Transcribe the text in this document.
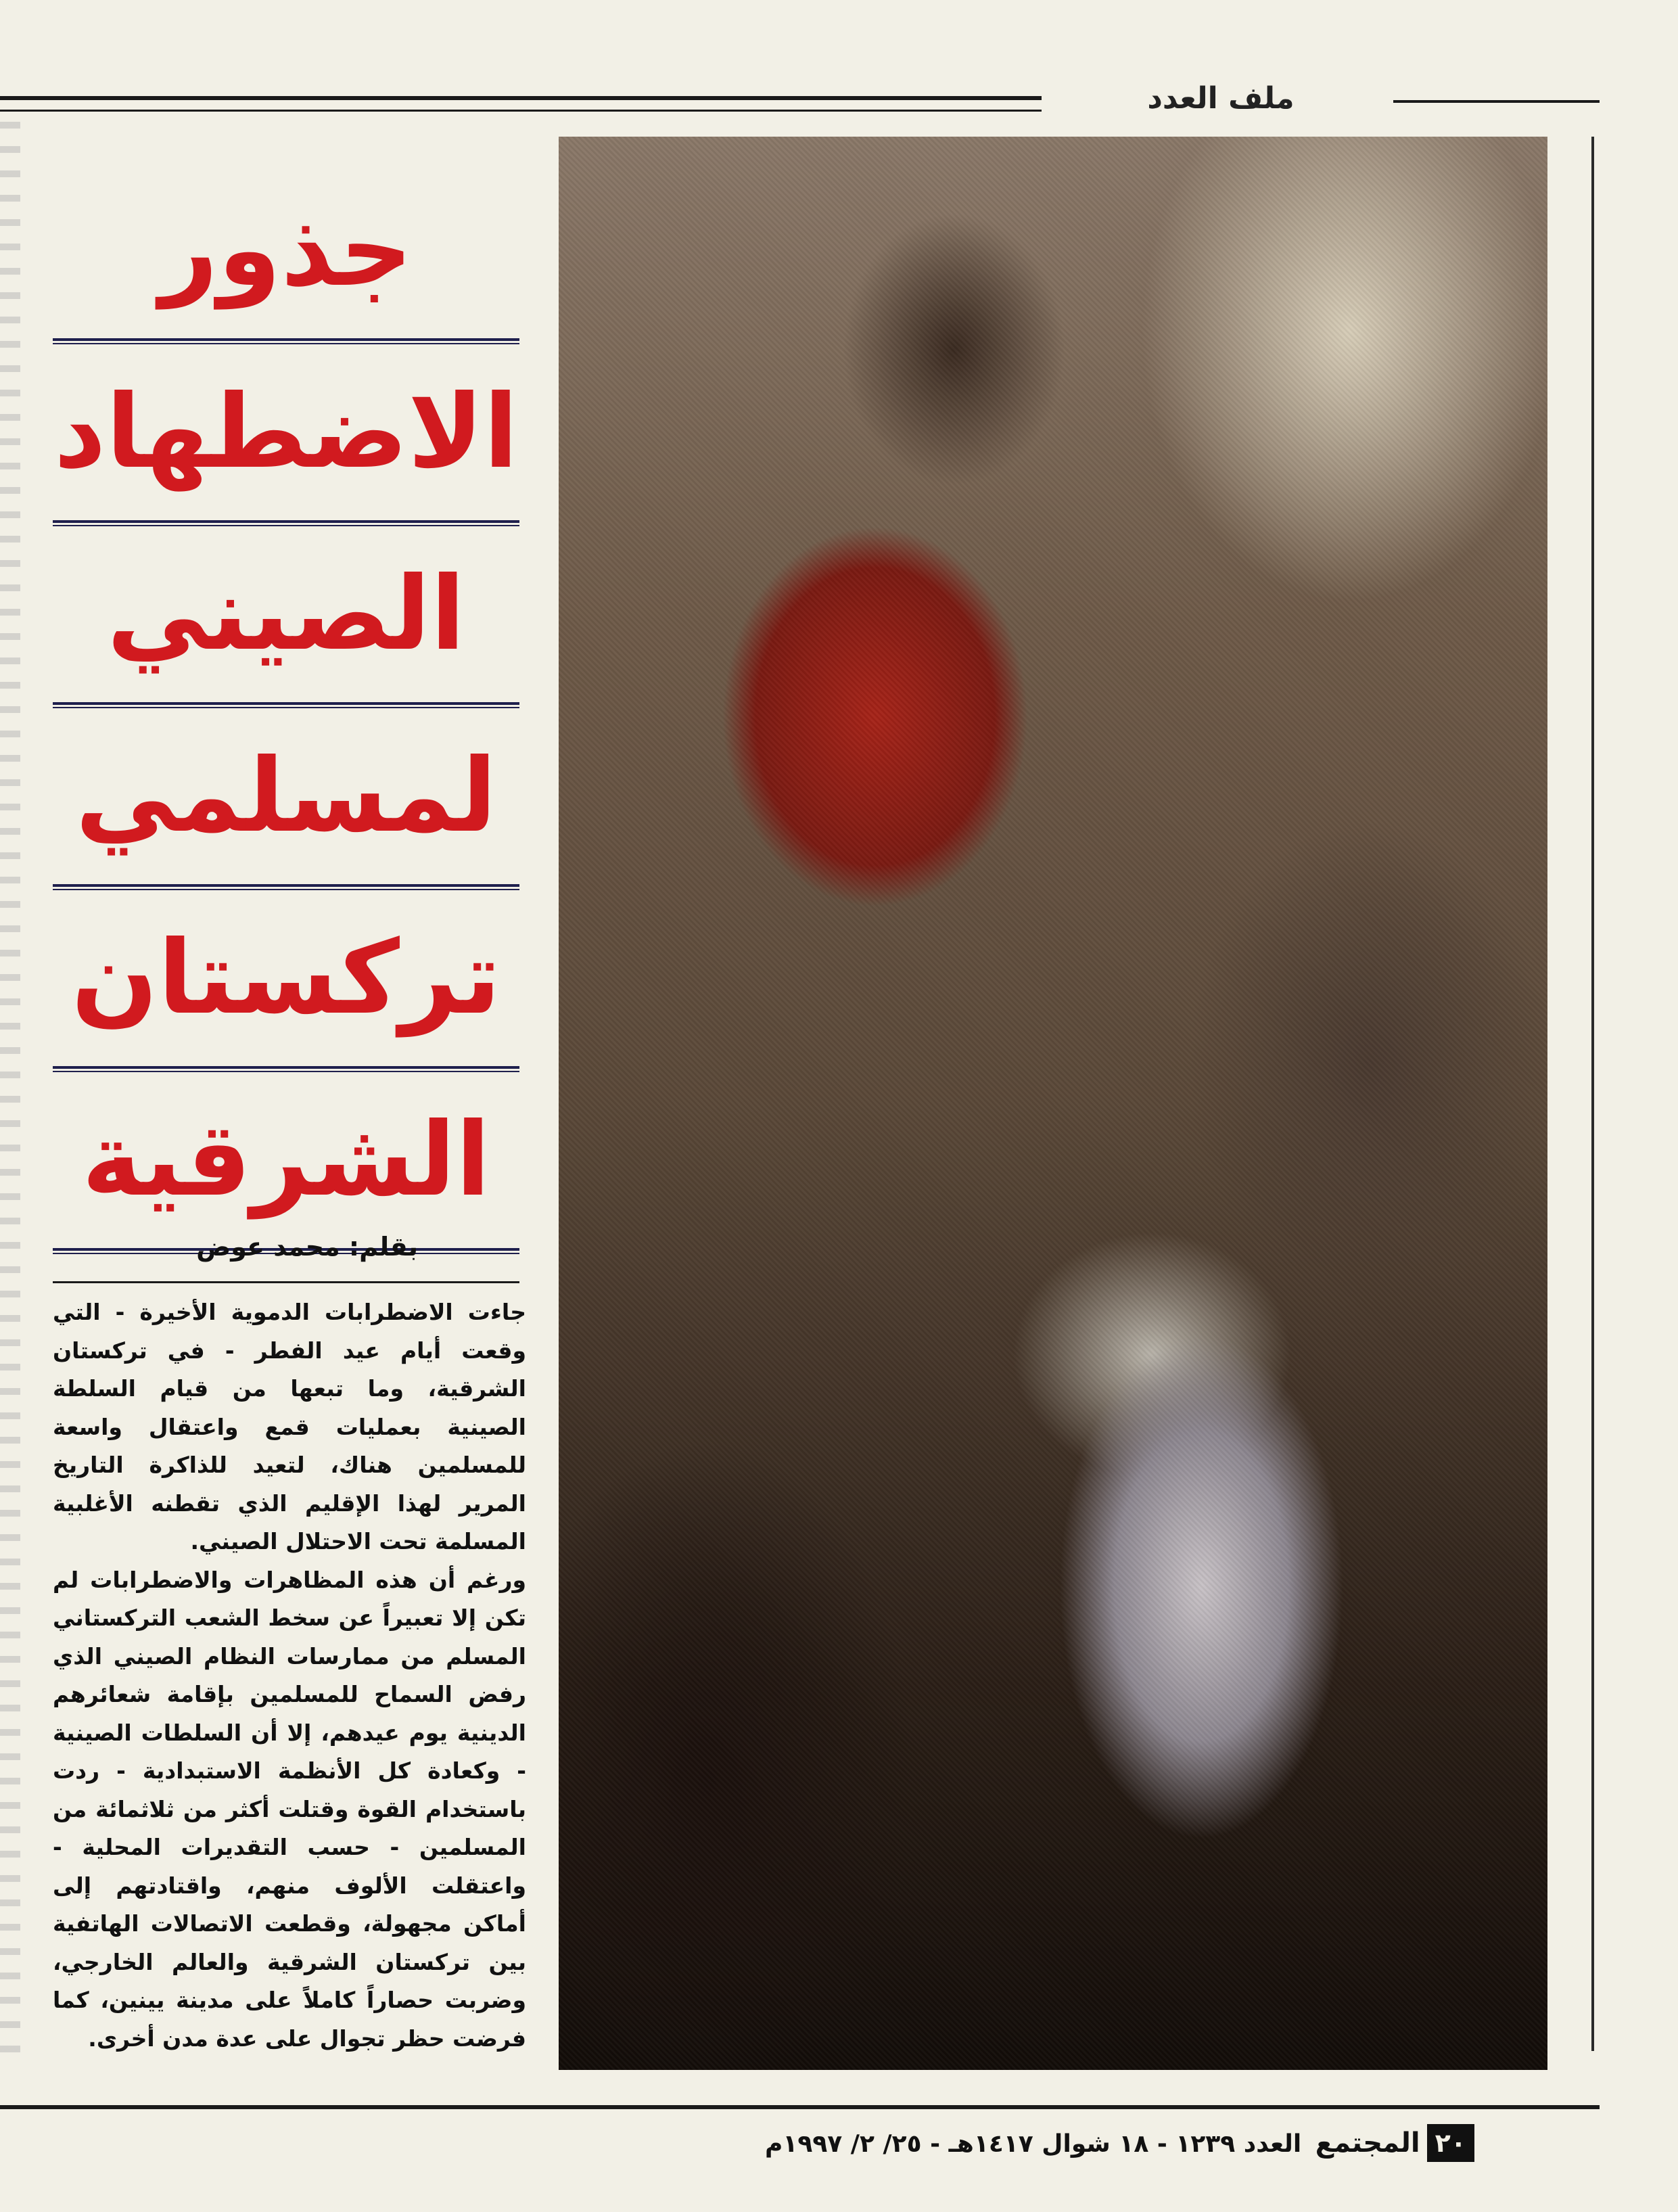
ملف العدد
جذور
الاضطهاد
الصيني
لمسلمي
تركستان
الشرقية
بقلم: محمد عوض

جاءت الاضطرابات الدموية الأخيرة - التي وقعت أيام عيد الفطر - في تركستان الشرقية، وما تبعها من قيام السلطة الصينية بعمليات قمع واعتقال واسعة للمسلمين هناك، لتعيد للذاكرة التاريخ المرير لهذا الإقليم الذي تقطنه الأغلبية المسلمة تحت الاحتلال الصيني.

ورغم أن هذه المظاهرات والاضطرابات لم تكن إلا تعبيراً عن سخط الشعب التركستاني المسلم من ممارسات النظام الصيني الذي رفض السماح للمسلمين بإقامة شعائرهم الدينية يوم عيدهم، إلا أن السلطات الصينية - وكعادة كل الأنظمة الاستبدادية - ردت باستخدام القوة وقتلت أكثر من ثلاثمائة من المسلمين - حسب التقديرات المحلية - واعتقلت الألوف منهم، واقتادتهم إلى أماكن مجهولة، وقطعت الاتصالات الهاتفية بين تركستان الشرقية والعالم الخارجي، وضربت حصاراً كاملاً على مدينة يينين، كما فرضت حظر تجوال على عدة مدن أخرى.

٢٠المجتمع العدد ١٢٣٩ - ١٨ شوال ١٤١٧هـ - ٢٥/ ٢/ ١٩٩٧م
